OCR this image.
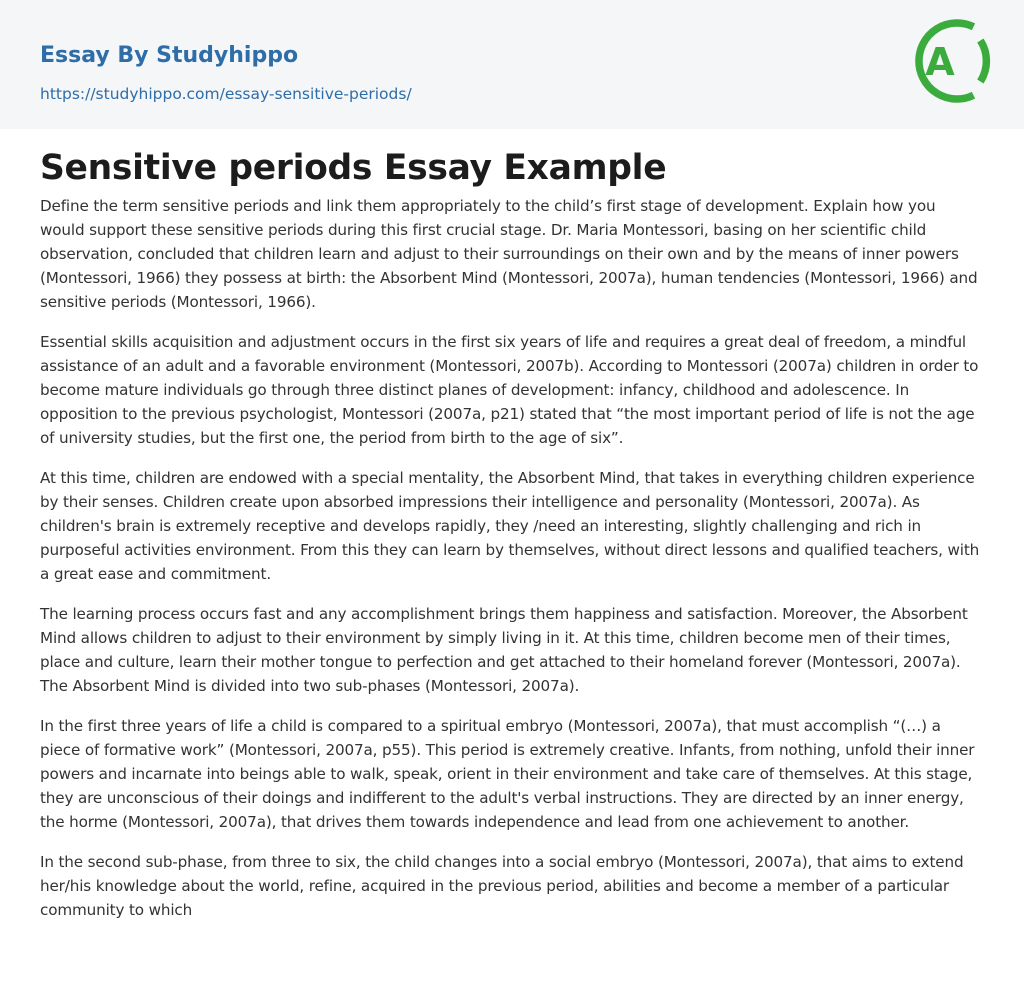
Essay By Studyhippo
https://studyhippo.com/essay-sensitive-periods/
A
Sensitive periods Essay Example

Define the term sensitive periods and link them appropriately to the child’s first stage of development. Explain how you would support these sensitive periods during this first crucial stage. Dr. Maria Montessori, basing on her scientific child observation, concluded that children learn and adjust to their surroundings on their own and by the means of inner powers (Montessori, 1966) they possess at birth: the Absorbent Mind (Montessori, 2007a), human tendencies (Montessori, 1966) and sensitive periods (Montessori, 1966).

Essential skills acquisition and adjustment occurs in the first six years of life and requires a great deal of freedom, a mindful assistance of an adult and a favorable environment (Montessori, 2007b). According to Montessori (2007a) children in order to become mature individuals go through three distinct planes of development: infancy, childhood and adolescence. In opposition to the previous psychologist, Montessori (2007a, p21) stated that “the most important period of life is not the age of university studies, but the first one, the period from birth to the age of six”.

At this time, children are endowed with a special mentality, the Absorbent Mind, that takes in everything children experience by their senses. Children create upon absorbed impressions their intelligence and personality (Montessori, 2007a). As children's brain is extremely receptive and develops rapidly, they /need an interesting, slightly challenging and rich in purposeful activities environment. From this they can learn by themselves, without direct lessons and qualified teachers, with a great ease and commitment.

The learning process occurs fast and any accomplishment brings them happiness and satisfaction. Moreover, the Absorbent Mind allows children to adjust to their environment by simply living in it. At this time, children become men of their times, place and culture, learn their mother tongue to perfection and get attached to their homeland forever (Montessori, 2007a). The Absorbent Mind is divided into two sub-phases (Montessori, 2007a).

In the first three years of life a child is compared to a spiritual embryo (Montessori, 2007a), that must accomplish “(…) a piece of formative work” (Montessori, 2007a, p55). This period is extremely creative. Infants, from nothing, unfold their inner powers and incarnate into beings able to walk, speak, orient in their environment and take care of themselves. At this stage, they are unconscious of their doings and indifferent to the adult's verbal instructions. They are directed by an inner energy, the horme (Montessori, 2007a), that drives them towards independence and lead from one achievement to another.

In the second sub-phase, from three to six, the child changes into a social embryo (Montessori, 2007a), that aims to extend her/his knowledge about the world, refine, acquired in the previous period, abilities and become a member of a particular community to which
